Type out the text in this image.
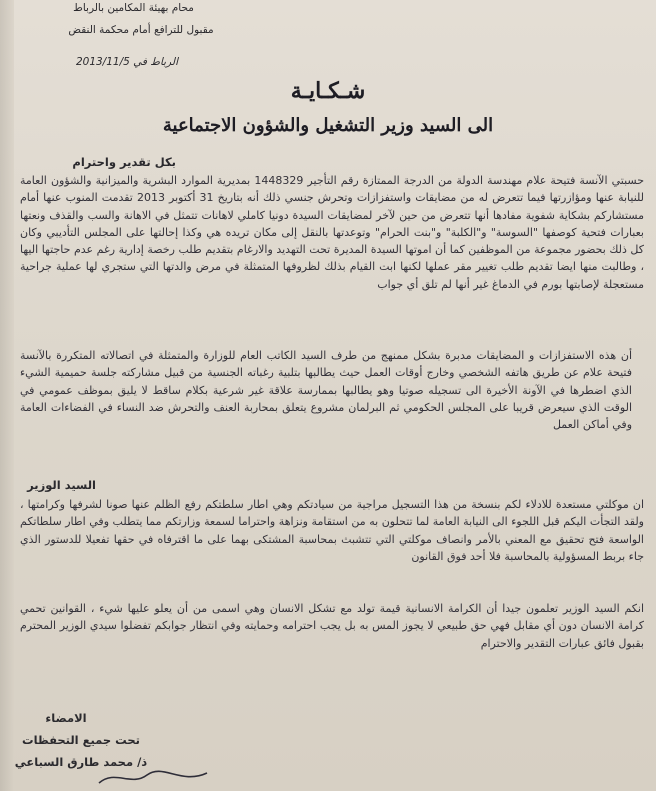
محام بهيئة المكامين بالرباط
مقبول للترافع أمام محكمة النقض
الرباط في 2013/11/5
شـكـايـة
الى السيد وزير التشغيل والشؤون الاجتماعية
بكل تقدير واحترام
حسبتي الآنسة فتيحة علام مهندسة الدولة من الدرجة الممتازة رقم التأجير 1448329 بمديرية الموارد البشرية والميزانية والشؤون العامة للنيابة عنها ومؤازرتها فيما تتعرض له من مضايقات واستفزازات وتحرش جنسي ذلك أنه بتاريخ 31 أكتوبر 2013 تقدمت المنوب عنها أمام مستشاركم بشكاية شفوية مفادها أنها تتعرض من حين لآخر لمضايقات السيدة دونيا كاملي لاهانات تتمثل في الاهانة والسب والقذف ونعتها بعبارات فتحية كوصفها "السوسة" و"الكلبة" و"بنت الحرام" وتوعدتها بالنقل إلى مكان تريده هي وكذا إحالتها على المجلس التأديبي وكان كل ذلك بحضور مجموعة من الموظفين كما أن اموتها السيدة المديرة تحت التهديد والارغام بتقديم طلب رخصة إدارية رغم عدم حاجتها اليها ، وطالبت منها ايضا تقديم طلب تغيير مقر عملها لكنها ابت القيام بذلك لظروفها المتمثلة في مرض والدتها التي ستجري لها عملية جراحية مستعجلة لإصابتها بورم في الدماغ غير أنها لم تلق أي جواب
أن هذه الاستفزازات و المضايقات مدبرة بشكل ممنهج من طرف السيد الكاتب العام للوزارة والمتمثلة في اتصالاته المتكررة بالآنسة فتيحة علام عن طريق هاتفه الشخصي وخارج أوقات العمل حيث يطالبها بتلبية رغباته الجنسية من قبيل مشاركته جلسة حميمية الشيء الذي اضطرها في الآونة الأخيرة الى تسجيله صوتيا وهو يطالبها بممارسة علاقة غير شرعية بكلام ساقط لا يليق بموظف عمومي في الوقت الذي سيعرض قريبا على المجلس الحكومي ثم البرلمان مشروع يتعلق بمحاربة العنف والتحرش ضد النساء في الفضاءات العامة وفي أماكن العمل
السيد الوزير
ان موكلتي مستعدة للادلاء لكم بنسخة من هذا التسجيل مراجية من سيادتكم وهي اطار سلطتكم رفع الظلم عنها صونا لشرفها وكرامتها ، ولقد التجأت اليكم قبل اللجوء الى النيابة العامة لما تتحلون به من استقامة ونزاهة واحتراما لسمعة وزارتكم مما يتطلب وفي اطار سلطاتكم الواسعة فتح تحقيق مع المعني بالأمر وانصاف موكلتي التي تتشبث بمحاسبة المشتكى بهما على ما اقترفاه في حقها تفعيلا للدستور الذي جاء بربط المسؤولية بالمحاسبة فلا أحد فوق القانون
انكم السيد الوزير تعلمون جيدا أن الكرامة الانسانية قيمة تولد مع تشكل الانسان وهي اسمى من أن يعلو عليها شيء ، القوانين تحمي كرامة الانسان دون أي مقابل فهي حق طبيعي لا يجوز المس به بل يجب احترامه وحمايته وفي انتظار جوابكم تفضلوا سيدي الوزير المحترم بقبول فائق عبارات التقدير والاحترام
الامضاء
تحت جميع التحفظات
ذ/ محمد طارق السباعي
